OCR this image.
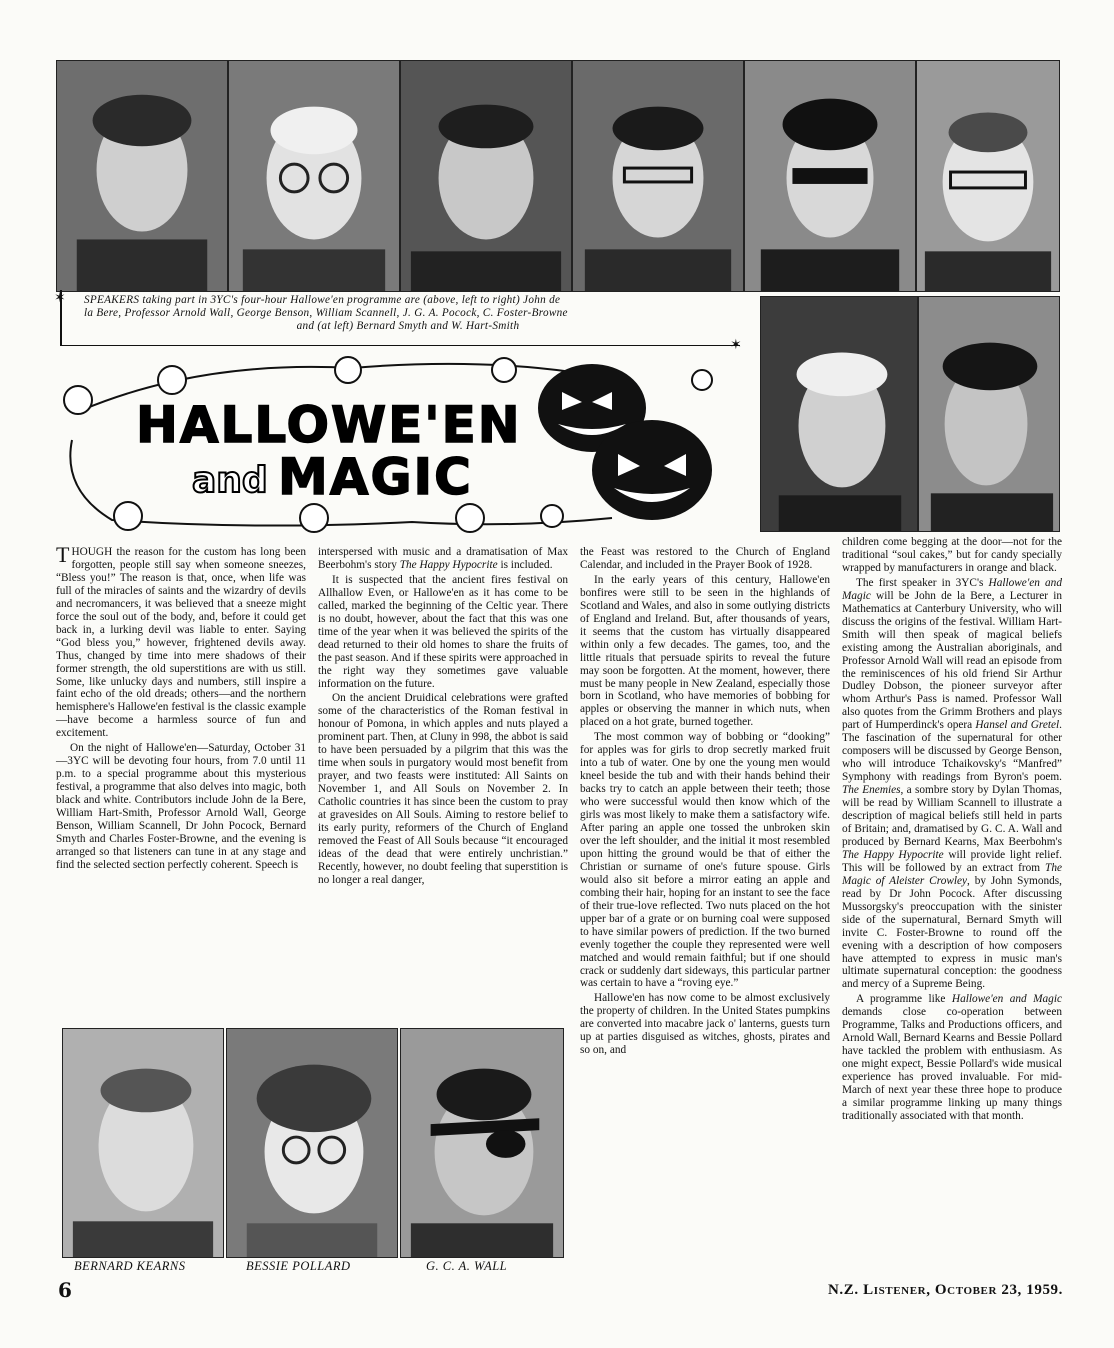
✶ SPEAKERS taking part in 3YC's four-hour Hallowe'en programme are (above, left to right) John de
la Bere, Professor Arnold Wall, George Benson, William Scannell, J. G. A. Pocock, C. Foster-Browne
and (at left) Bernard Smyth and W. Hart-Smith
✶
HALLOWE'EN
and MAGIC

THOUGH the reason for the custom has long been forgotten, people still say when someone sneezes, “Bless you!” The reason is that, once, when life was full of the miracles of saints and the wizardry of devils and necromancers, it was believed that a sneeze might force the soul out of the body, and, before it could get back in, a lurking devil was liable to enter. Saying “God bless you,” however, frightened devils away. Thus, changed by time into mere shadows of their former strength, the old superstitions are with us still. Some, like unlucky days and numbers, still inspire a faint echo of the old dreads; others—and the northern hemisphere's Hallowe'en festival is the classic example—have become a harmless source of fun and excitement.

On the night of Hallowe'en—Saturday, October 31—3YC will be devoting four hours, from 7.0 until 11 p.m. to a special programme about this mysterious festival, a programme that also delves into magic, both black and white. Contributors include John de la Bere, William Hart-Smith, Professor Arnold Wall, George Benson, William Scannell, Dr John Pocock, Bernard Smyth and Charles Foster-Browne, and the evening is arranged so that listeners can tune in at any stage and find the selected section perfectly coherent. Speech is

interspersed with music and a dramatisation of Max Beerbohm's story The Happy Hypocrite is included.

It is suspected that the ancient fires festival on Allhallow Even, or Hallowe'en as it has come to be called, marked the beginning of the Celtic year. There is no doubt, however, about the fact that this was one time of the year when it was believed the spirits of the dead returned to their old homes to share the fruits of the past season. And if these spirits were approached in the right way they sometimes gave valuable information on the future.

On the ancient Druidical celebrations were grafted some of the characteristics of the Roman festival in honour of Pomona, in which apples and nuts played a prominent part. Then, at Cluny in 998, the abbot is said to have been persuaded by a pilgrim that this was the time when souls in purgatory would most benefit from prayer, and two feasts were instituted: All Saints on November 1, and All Souls on November 2. In Catholic countries it has since been the custom to pray at gravesides on All Souls. Aiming to restore belief to its early purity, reformers of the Church of England removed the Feast of All Souls because “it encouraged ideas of the dead that were entirely unchristian.” Recently, however, no doubt feeling that superstition is no longer a real danger,

the Feast was restored to the Church of England Calendar, and included in the Prayer Book of 1928.

In the early years of this century, Hallowe'en bonfires were still to be seen in the highlands of Scotland and Wales, and also in some outlying districts of England and Ireland. But, after thousands of years, it seems that the custom has virtually disappeared within only a few decades. The games, too, and the little rituals that persuade spirits to reveal the future may soon be forgotten. At the moment, however, there must be many people in New Zealand, especially those born in Scotland, who have memories of bobbing for apples or observing the manner in which nuts, when placed on a hot grate, burned together.

The most common way of bobbing or “dooking” for apples was for girls to drop secretly marked fruit into a tub of water. One by one the young men would kneel beside the tub and with their hands behind their backs try to catch an apple between their teeth; those who were successful would then know which of the girls was most likely to make them a satisfactory wife. After paring an apple one tossed the unbroken skin over the left shoulder, and the initial it most resembled upon hitting the ground would be that of either the Christian or surname of one's future spouse. Girls would also sit before a mirror eating an apple and combing their hair, hoping for an instant to see the face of their true-love reflected. Two nuts placed on the hot upper bar of a grate or on burning coal were supposed to have similar powers of prediction. If the two burned evenly together the couple they represented were well matched and would remain faithful; but if one should crack or suddenly dart sideways, this particular partner was certain to have a “roving eye.”

Hallowe'en has now come to be almost exclusively the property of children. In the United States pumpkins are converted into macabre jack o' lanterns, guests turn up at parties disguised as witches, ghosts, pirates and so on, and

children come begging at the door—not for the traditional “soul cakes,” but for candy specially wrapped by manufacturers in orange and black.

The first speaker in 3YC's Hallowe'en and Magic will be John de la Bere, a Lecturer in Mathematics at Canterbury University, who will discuss the origins of the festival. William Hart-Smith will then speak of magical beliefs existing among the Australian aboriginals, and Professor Arnold Wall will read an episode from the reminiscences of his old friend Sir Arthur Dudley Dobson, the pioneer surveyor after whom Arthur's Pass is named. Professor Wall also quotes from the Grimm Brothers and plays part of Humperdinck's opera Hansel and Gretel. The fascination of the supernatural for other composers will be discussed by George Benson, who will introduce Tchaikovsky's “Manfred” Symphony with readings from Byron's poem. The Enemies, a sombre story by Dylan Thomas, will be read by William Scannell to illustrate a description of magical beliefs still held in parts of Britain; and, dramatised by G. C. A. Wall and produced by Bernard Kearns, Max Beerbohm's The Happy Hypocrite will provide light relief. This will be followed by an extract from The Magic of Aleister Crowley, by John Symonds, read by Dr John Pocock. After discussing Mussorgsky's preoccupation with the sinister side of the supernatural, Bernard Smyth will invite C. Foster-Browne to round off the evening with a description of how composers have attempted to express in music man's ultimate supernatural conception: the goodness and mercy of a Supreme Being.

A programme like Hallowe'en and Magic demands close co-operation between Programme, Talks and Productions officers, and Arnold Wall, Bernard Kearns and Bessie Pollard have tackled the problem with enthusiasm. As one might expect, Bessie Pollard's wide musical experience has proved invaluable. For mid-March of next year these three hope to produce a similar programme linking up many things traditionally associated with that month.

BERNARD KEARNS	BESSIE POLLARD	G. C. A. WALL
6	N.Z. Listener, October 23, 1959.
